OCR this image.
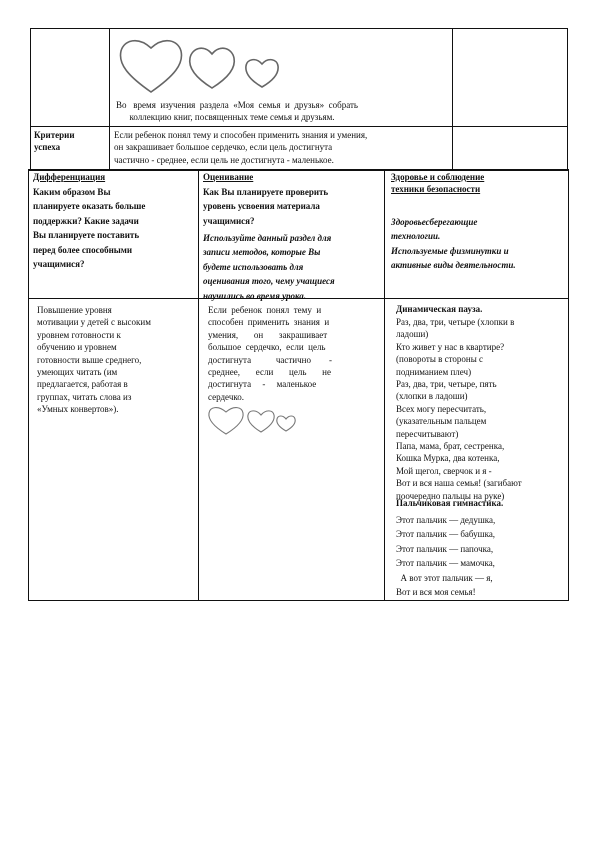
Во   время  изучения  раздела  «Моя  семья  и  друзья»  собрать
коллекцию книг, посвященных теме семья и друзьям.
Критерии
успеха
Если ребенок понял тему и способен применить знания и умения,
он закрашивает большое сердечко, если цель достигнута
частично - среднее, если цель не достигнута - маленькое.
Дифференциация
Каким образом Вы
планируете оказать больше
поддержки? Какие задачи
Вы планируете поставить
перед более способными
учащимися?
Оценивание
Как Вы планируете проверить
уровень усвоения материала
учащимися?
Используйте данный раздел для
записи методов, которые Вы
будете использовать для
оценивания того, чему учащиеся
научились во время урока.
Здоровье и соблюдение
техники безопасности
Здоровьесберегающие
технологии.
Используемые физминутки и
активные виды деятельности.
Повышение уровня
мотивации у детей с высоким
уровнем готовности к
обучению и уровнем
готовности выше среднего,
умеющих читать (им
предлагается, работая в
группах, читать слова из
«Умных конвертов»).
Если  ребенок  понял  тему  и
способен  применить  знания  и
умения,       он       закрашивает
большое  сердечко,  если  цель
достигнута           частично        -
среднее,       если       цель       не
достигнута     -     маленькое
сердечко.
Динамическая пауза.
Раз, два, три, четыре (хлопки в
ладоши)
Кто живет у нас в квартире?
(повороты в стороны с
подниманием плеч)
Раз, два, три, четыре, пять
(хлопки в ладоши)
Всех могу пересчитать,
(указательным пальцем
пересчитывают)
Папа, мама, брат, сестренка,
Кошка Мурка, два котенка,
Мой щегол, сверчок и я -
Вот и вся наша семья! (загибают
поочередно пальцы на руке)
Пальчиковая гимнастика.
Этот пальчик — дедушка,
Этот пальчик — бабушка,
Этот пальчик — папочка,
Этот пальчик — мамочка,
А вот этот пальчик — я,
Вот и вся моя семья!
